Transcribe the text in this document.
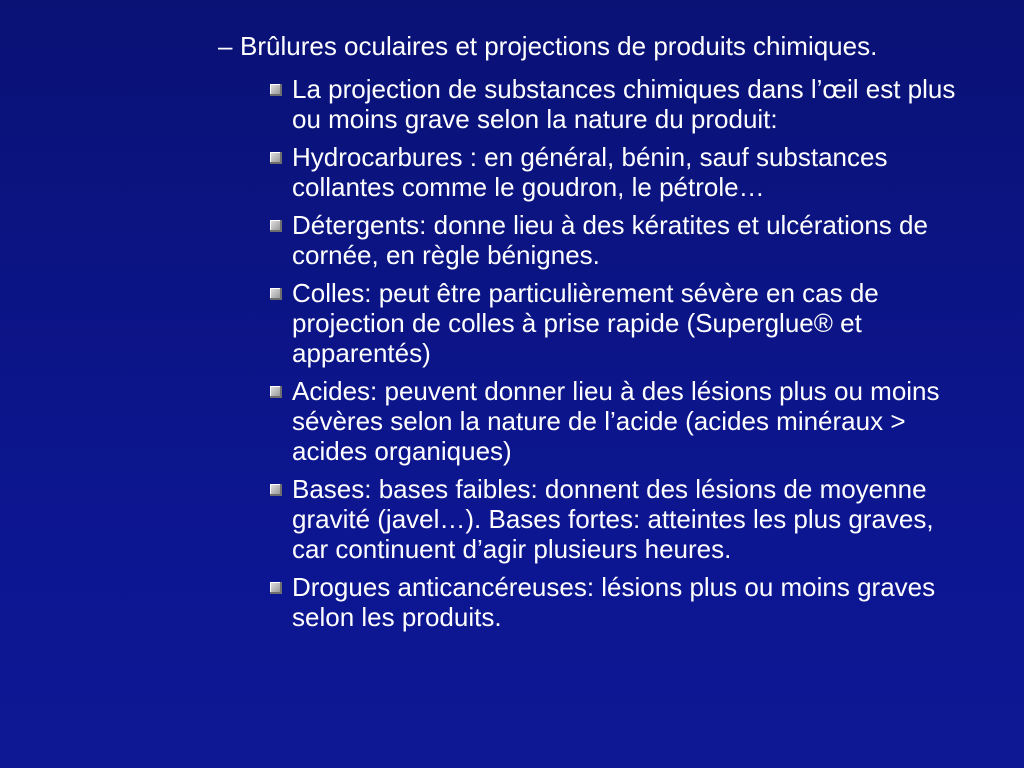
– Brûlures oculaires et projections de produits chimiques.
La projection de substances chimiques dans l’œil est plus ou moins grave selon la nature du produit:
Hydrocarbures : en général, bénin, sauf substances collantes comme le goudron, le pétrole…
Détergents: donne lieu à des kératites et ulcérations de cornée, en règle bénignes.
Colles: peut être particulièrement sévère en cas de projection de colles à prise rapide (Superglue® et apparentés)
Acides: peuvent donner lieu à des lésions plus ou moins sévères selon la nature de l’acide (acides minéraux > acides organiques)
Bases: bases faibles: donnent des lésions de moyenne gravité (javel…). Bases fortes: atteintes les plus graves, car continuent d’agir plusieurs heures.
Drogues anticancéreuses: lésions plus ou moins graves selon les produits.
